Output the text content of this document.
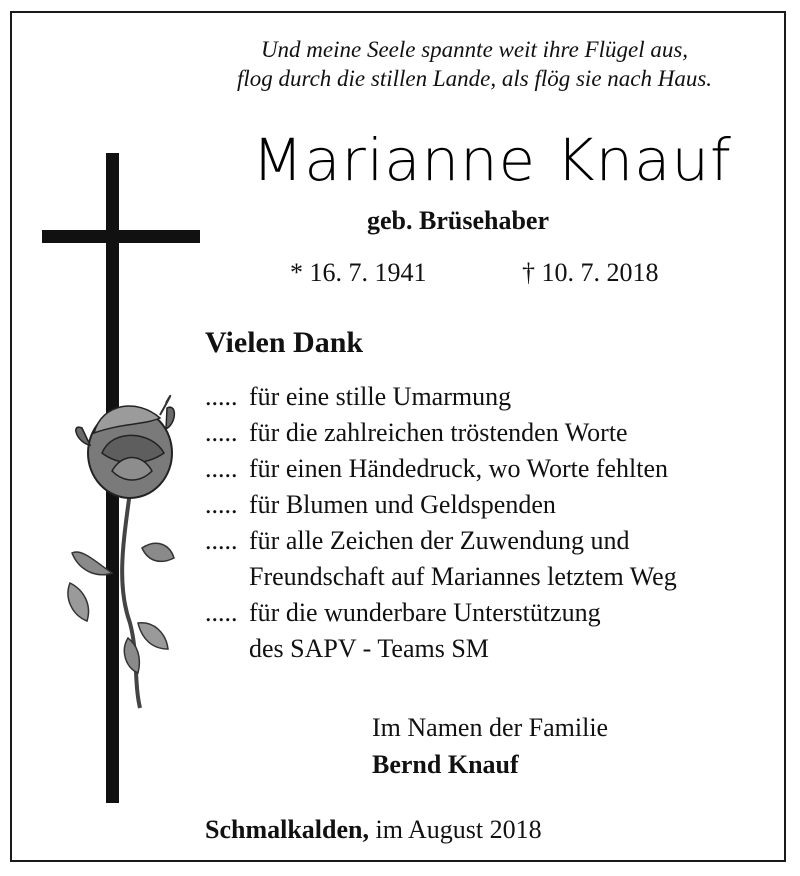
Und meine Seele spannte weit ihre Flügel aus,
flog durch die stillen Lande, als flög sie nach Haus.
Marianne Knauf
geb. Brüsehaber
* 16. 7. 1941	† 10. 7. 2018
Vielen Dank
..... für eine stille Umarmung
..... für die zahlreichen tröstenden Worte
..... für einen Händedruck, wo Worte fehlten
..... für Blumen und Geldspenden
..... für alle Zeichen der Zuwendung und
Freundschaft auf Mariannes letztem Weg
..... für die wunderbare Unterstützung
des SAPV - Teams SM
Im Namen der Familie
Bernd Knauf
Schmalkalden, im August 2018
